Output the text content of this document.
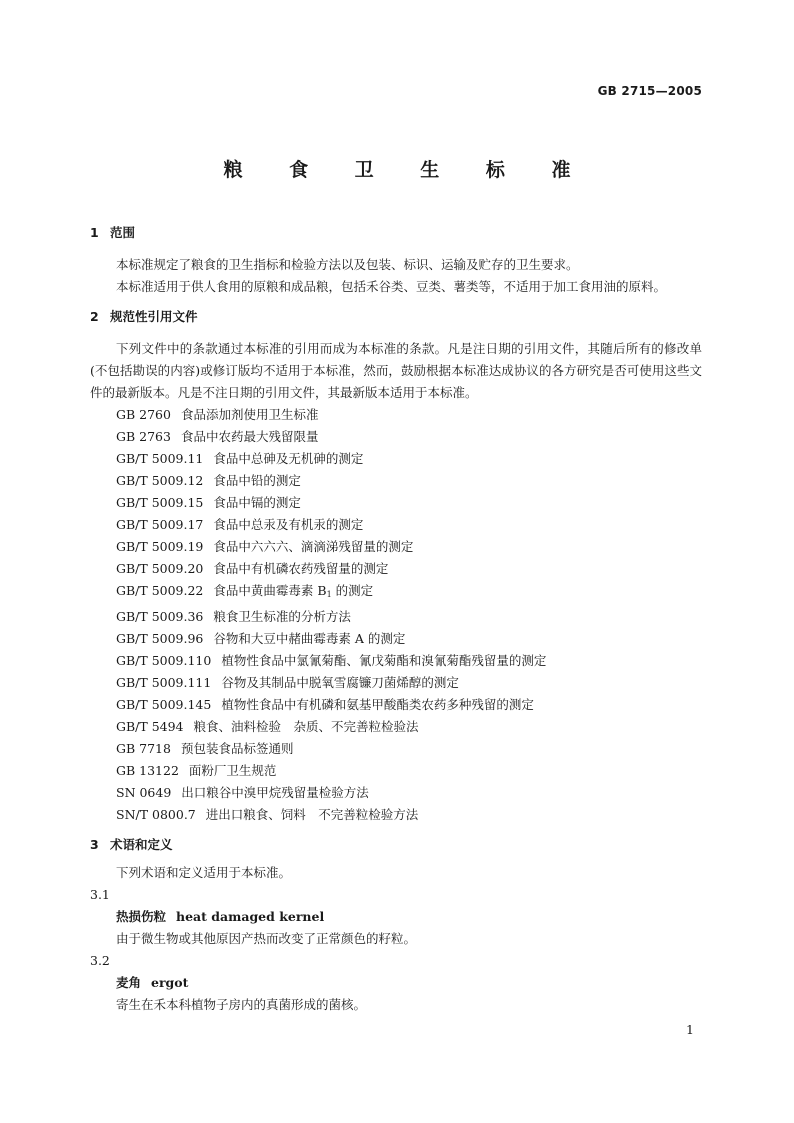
GB 2715—2005
粮 食 卫 生 标 准
1 范围
本标准规定了粮食的卫生指标和检验方法以及包装、标识、运输及贮存的卫生要求。
本标准适用于供人食用的原粮和成品粮，包括禾谷类、豆类、薯类等，不适用于加工食用油的原料。
2 规范性引用文件
下列文件中的条款通过本标准的引用而成为本标准的条款。凡是注日期的引用文件，其随后所有的修改单(不包括勘误的内容)或修订版均不适用于本标准，然而，鼓励根据本标准达成协议的各方研究是否可使用这些文件的最新版本。凡是不注日期的引用文件，其最新版本适用于本标准。
GB 2760 食品添加剂使用卫生标准
GB 2763 食品中农药最大残留限量
GB/T 5009.11 食品中总砷及无机砷的测定
GB/T 5009.12 食品中铅的测定
GB/T 5009.15 食品中镉的测定
GB/T 5009.17 食品中总汞及有机汞的测定
GB/T 5009.19 食品中六六六、滴滴涕残留量的测定
GB/T 5009.20 食品中有机磷农药残留量的测定
GB/T 5009.22 食品中黄曲霉毒素 $B_1$ 的测定
GB/T 5009.36 粮食卫生标准的分析方法
GB/T 5009.96 谷物和大豆中赭曲霉毒素 A 的测定
GB/T 5009.110 植物性食品中氯氰菊酯、氰戊菊酯和溴氰菊酯残留量的测定
GB/T 5009.111 谷物及其制品中脱氧雪腐镰刀菌烯醇的测定
GB/T 5009.145 植物性食品中有机磷和氨基甲酸酯类农药多种残留的测定
GB/T 5494 粮食、油料检验　杂质、不完善粒检验法
GB 7718 预包装食品标签通则
GB 13122 面粉厂卫生规范
SN 0649 出口粮谷中溴甲烷残留量检验方法
SN/T 0800.7 进出口粮食、饲料　不完善粒检验方法
3 术语和定义
下列术语和定义适用于本标准。
3.1
热损伤粒 heat damaged kernel
由于微生物或其他原因产热而改变了正常颜色的籽粒。
3.2
麦角 ergot
寄生在禾本科植物子房内的真菌形成的菌核。
1
